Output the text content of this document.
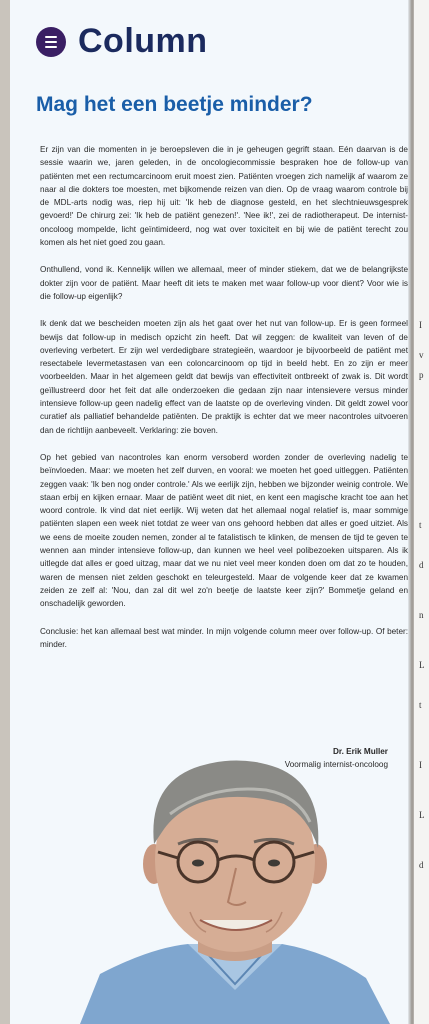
Column
Mag het een beetje minder?

Er zijn van die momenten in je beroepsleven die in je geheugen gegrift staan. Eén daarvan is de sessie waarin we, jaren geleden, in de oncologiecommissie bespraken hoe de follow-up van patiënten met een rectumcarcinoom eruit moest zien. Patiënten vroegen zich namelijk af waarom ze naar al die dokters toe moesten, met bijkomende reizen van dien. Op de vraag waarom controle bij de MDL-arts nodig was, riep hij uit: 'Ik heb de diagnose gesteld, en het slechtnieuwsgesprek gevoerd!' De chirurg zei: 'Ik heb de patiënt genezen!'. 'Nee ik!', zei de radiotherapeut. De internist-oncoloog mompelde, licht geïntimideerd, nog wat over toxiciteit en bij wie de patiënt terecht zou komen als het niet goed zou gaan.

Onthullend, vond ik. Kennelijk willen we allemaal, meer of minder stiekem, dat we de belangrijkste dokter zijn voor de patiënt. Maar heeft dit iets te maken met waar follow-up voor dient? Voor wie is die follow-up eigenlijk?

Ik denk dat we bescheiden moeten zijn als het gaat over het nut van follow-up. Er is geen formeel bewijs dat follow-up in medisch opzicht zin heeft. Dat wil zeggen: de kwaliteit van leven of de overleving verbetert. Er zijn wel verdedigbare strategieën, waardoor je bijvoorbeeld de patiënt met resectabele levermetastasen van een coloncarcinoom op tijd in beeld hebt. En zo zijn er meer voorbeelden. Maar in het algemeen geldt dat bewijs van effectiviteit ontbreekt of zwak is. Dit wordt geïllustreerd door het feit dat alle onderzoeken die gedaan zijn naar intensievere versus minder intensieve follow-up geen nadelig effect van de laatste op de overleving vinden. Dit geldt zowel voor curatief als palliatief behandelde patiënten. De praktijk is echter dat we meer nacontroles uitvoeren dan de richtlijn aanbeveelt. Verklaring: zie boven.

Op het gebied van nacontroles kan enorm versoberd worden zonder de overleving nadelig te beïnvloeden. Maar: we moeten het zelf durven, en vooral: we moeten het goed uitleggen. Patiënten zeggen vaak: 'Ik ben nog onder controle.' Als we eerlijk zijn, hebben we bijzonder weinig controle. We staan erbij en kijken ernaar. Maar de patiënt weet dit niet, en kent een magische kracht toe aan het woord controle. Ik vind dat niet eerlijk. Wij weten dat het allemaal nogal relatief is, maar sommige patiënten slapen een week niet totdat ze weer van ons gehoord hebben dat alles er goed uitziet. Als we eens de moeite zouden nemen, zonder al te fatalistisch te klinken, de mensen de tijd te geven te wennen aan minder intensieve follow-up, dan kunnen we heel veel polibezoeken uitsparen. Als ik uitlegde dat alles er goed uitzag, maar dat we nu niet veel meer konden doen om dat zo te houden, waren de mensen niet zelden geschokt en teleurgesteld. Maar de volgende keer dat ze kwamen zeiden ze zelf al: 'Nou, dan zal dit wel zo'n beetje de laatste keer zijn?' Bommetje geland en onschadelijk geworden.

Conclusie: het kan allemaal best wat minder. In mijn volgende column meer over follow-up. Of beter: minder.

Dr. Erik Muller
Voormalig internist-oncoloog
I
v
p
t
d
n
L
t
I
L
d
